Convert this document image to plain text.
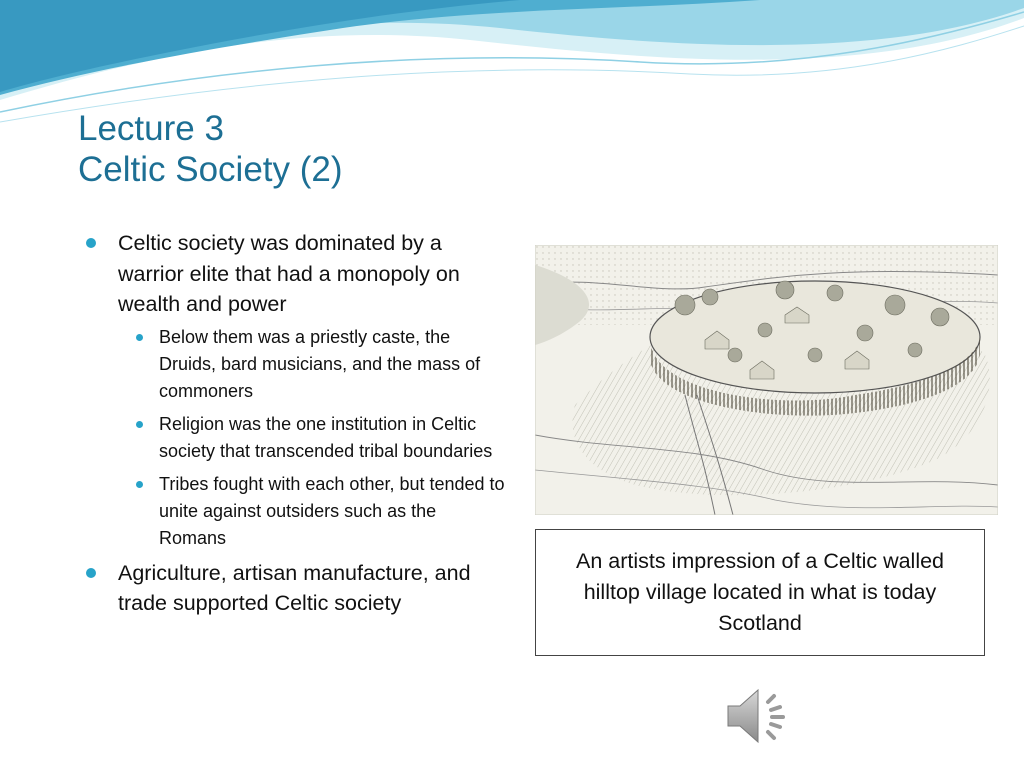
Lecture 3
Celtic Society (2)
Celtic society was dominated by a warrior elite that had a monopoly on wealth and power
Below them was a priestly caste, the Druids, bard musicians, and the mass of commoners
Religion was the one institution in Celtic society that transcended tribal boundaries
Tribes fought with each other, but tended to unite against outsiders such as the Romans
Agriculture, artisan manufacture, and trade supported Celtic society
An artists impression of a Celtic walled hilltop village located in what is today Scotland
